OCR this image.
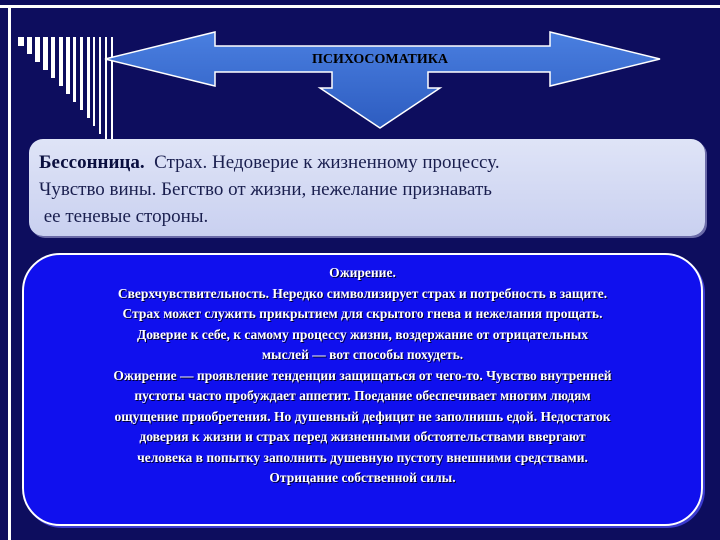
ПСИХОСОМАТИКА
Бессонница.  Страх. Недоверие к жизненному процессу.
Чувство вины. Бегство от жизни, нежелание признавать
ее теневые стороны.
Ожирение.
Сверхчувствительность. Нередко символизирует страх и потребность в защите.
Страх может служить прикрытием для скрытого гнева и нежелания прощать.
Доверие к себе, к самому процессу жизни, воздержание от отрицательных
мыслей — вот способы похудеть.
Ожирение — проявление тенденции защищаться от чего-то. Чувство внутренней
пустоты часто пробуждает аппетит. Поедание обеспечивает многим людям
ощущение приобретения. Но душевный дефицит не заполнишь едой. Недостаток
доверия к жизни и страх перед жизненными обстоятельствами ввергают
человека в попытку заполнить душевную пустоту внешними средствами.
Отрицание собственной силы.
